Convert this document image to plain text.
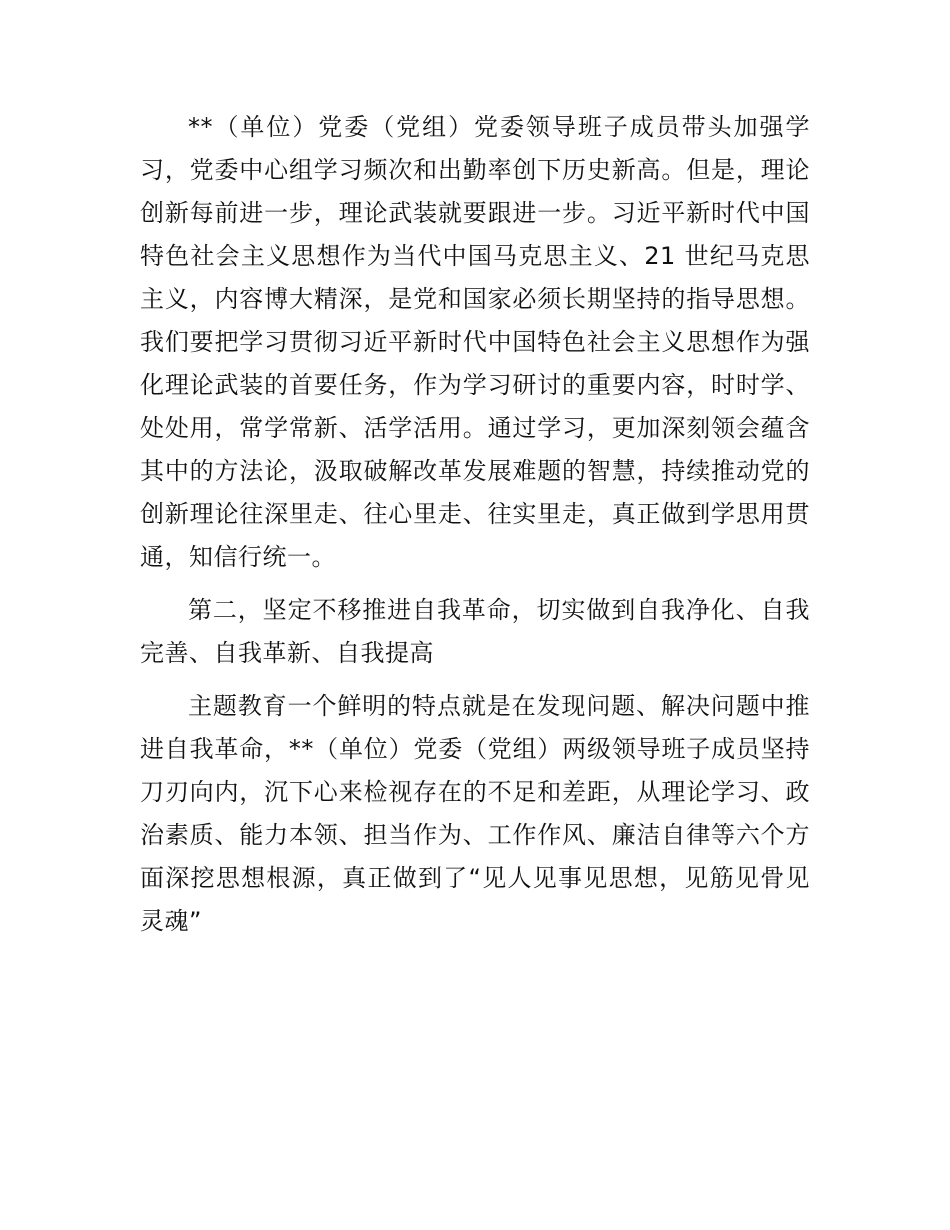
**（单位）党委（党组）党委领导班子成员带头加强学习，党委中心组学习频次和出勤率创下历史新高。但是，理论创新每前进一步，理论武装就要跟进一步。习近平新时代中国特色社会主义思想作为当代中国马克思主义、21 世纪马克思主义，内容博大精深，是党和国家必须长期坚持的指导思想。我们要把学习贯彻习近平新时代中国特色社会主义思想作为强化理论武装的首要任务，作为学习研讨的重要内容，时时学、处处用，常学常新、活学活用。通过学习，更加深刻领会蕴含其中的方法论，汲取破解改革发展难题的智慧，持续推动党的创新理论往深里走、往心里走、往实里走，真正做到学思用贯通，知信行统一。

第二，坚定不移推进自我革命，切实做到自我净化、自我完善、自我革新、自我提高

主题教育一个鲜明的特点就是在发现问题、解决问题中推进自我革命，**（单位）党委（党组）两级领导班子成员坚持刀刃向内，沉下心来检视存在的不足和差距，从理论学习、政治素质、能力本领、担当作为、工作作风、廉洁自律等六个方面深挖思想根源，真正做到了“见人见事见思想，见筋见骨见灵魂”
